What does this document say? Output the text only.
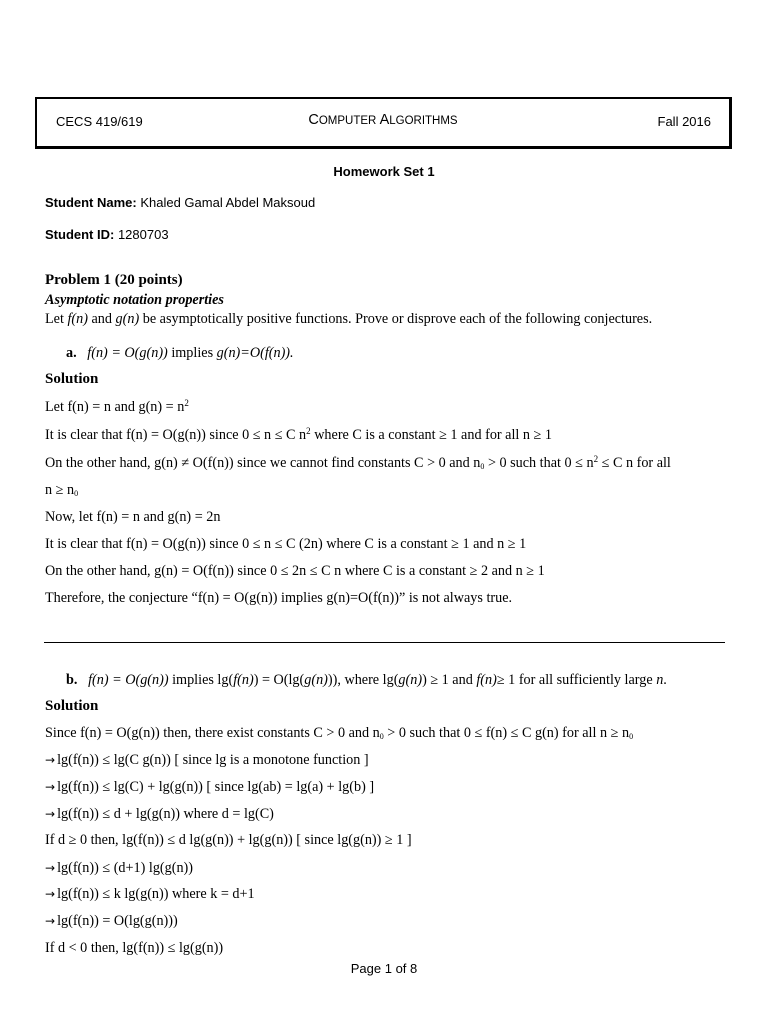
CECS 419/619	COMPUTER ALGORITHMS	Fall 2016
Homework Set 1
Student Name: Khaled Gamal Abdel Maksoud
Student ID: 1280703
Problem 1 (20 points)
Asymptotic notation properties
Let f(n) and g(n) be asymptotically positive functions. Prove or disprove each of the following conjectures.
a. f(n) = O(g(n)) implies g(n)=O(f(n)).
Solution
Let f(n) = n and $g(n) = n^2$
It is clear that f(n) = O(g(n)) since 0 ≤ n ≤ C $n^2$ where C is a constant ≥ 1 and for all n ≥ 1
On the other hand, g(n) ≠ O(f(n)) since we cannot find constants C > 0 and $n_0 > 0$ such that $0 \le n^2 \le C$ n for all
$n \ge n_0$
Now, let f(n) = n and g(n) = 2n
It is clear that f(n) = O(g(n)) since 0 ≤ n ≤ C (2n) where C is a constant ≥ 1 and n ≥ 1
On the other hand, g(n) = O(f(n)) since 0 ≤ 2n ≤ C n where C is a constant ≥ 2 and n ≥ 1
Therefore, the conjecture “f(n) = O(g(n)) implies g(n)=O(f(n))” is not always true.
b. f(n) = O(g(n)) implies lg(f(n)) = O(lg(g(n))), where lg(g(n)) ≥ 1 and f(n)≥ 1 for all sufficiently large n.
Solution
Since f(n) = O(g(n)) then, there exist constants C > 0 and $n_0 > 0$ such that 0 ≤ f(n) ≤ C g(n) for all $n \ge n_0$
→ lg(f(n)) ≤ lg(C g(n)) [ since lg is a monotone function ]
→ lg(f(n)) ≤ lg(C) + lg(g(n)) [ since lg(ab) = lg(a) + lg(b) ]
→ lg(f(n)) ≤ d + lg(g(n)) where d = lg(C)
If d ≥ 0 then, lg(f(n)) ≤ d lg(g(n)) + lg(g(n)) [ since lg(g(n)) ≥ 1 ]
→ lg(f(n)) ≤ (d+1) lg(g(n))
→ lg(f(n)) ≤ k lg(g(n)) where k = d+1
→ lg(f(n)) = O(lg(g(n)))
If d < 0 then, lg(f(n)) ≤ lg(g(n))
Page 1 of 8
